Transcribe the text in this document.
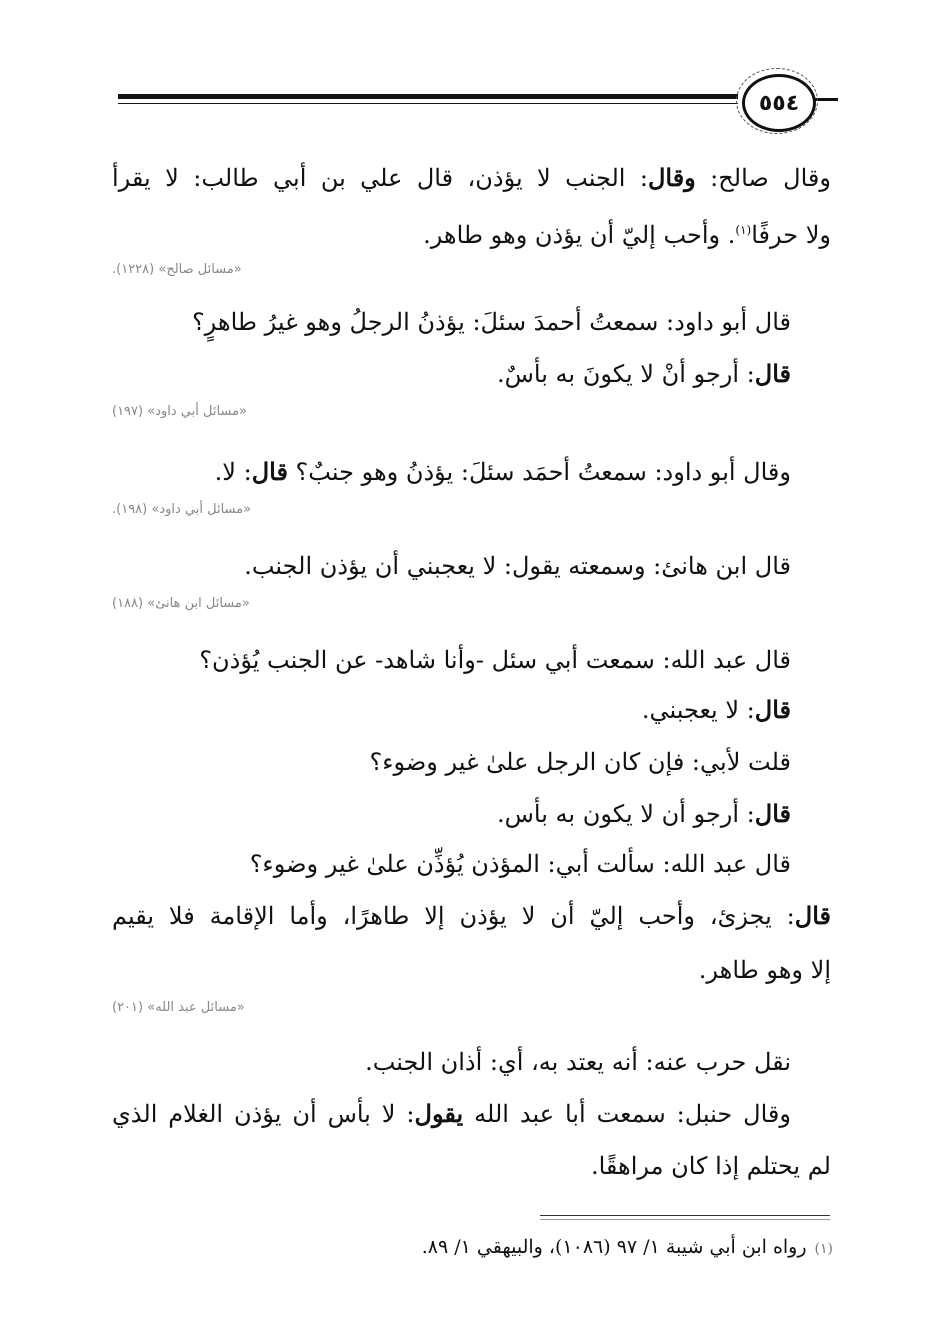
٥٥٤
وقال صالح: وقال: الجنب لا يؤذن، قال علي بن أبي طالب: لا يقرأ
ولا حرفًا$^{(١)}$. وأحب إليّ أن يؤذن وهو طاهر.
«مسائل صالح» (١٢٢٨).
قال أبو داود: سمعتُ أحمدَ سئلَ: يؤذنُ الرجلُ وهو غيرُ طاهرٍ؟
قال: أرجو أنْ لا يكونَ به بأسٌ.
«مسائل أبي داود» (١٩٧)
وقال أبو داود: سمعتُ أحمَد سئلَ: يؤذنُ وهو جنبٌ؟ قال: لا.
«مسائل أبي داود» (١٩٨).
قال ابن هانئ: وسمعته يقول: لا يعجبني أن يؤذن الجنب.
«مسائل ابن هانئ» (١٨٨)
قال عبد الله: سمعت أبي سئل -وأنا شاهد- عن الجنب يُؤذن؟
قال: لا يعجبني.
قلت لأبي: فإن كان الرجل علىٰ غير وضوء؟
قال: أرجو أن لا يكون به بأس.
قال عبد الله: سألت أبي: المؤذن يُؤذِّن علىٰ غير وضوء؟
قال: يجزئ، وأحب إليّ أن لا يؤذن إلا طاهرًا، وأما الإقامة فلا يقيم
إلا وهو طاهر.
«مسائل عبد الله» (٢٠١)
نقل حرب عنه: أنه يعتد به، أي: أذان الجنب.
وقال حنبل: سمعت أبا عبد الله يقول: لا بأس أن يؤذن الغلام الذي
لم يحتلم إذا كان مراهقًا.
(١)رواه ابن أبي شيبة ١/ ٩٧ (١٠٨٦)، والبيهقي ١/ ٨٩.
